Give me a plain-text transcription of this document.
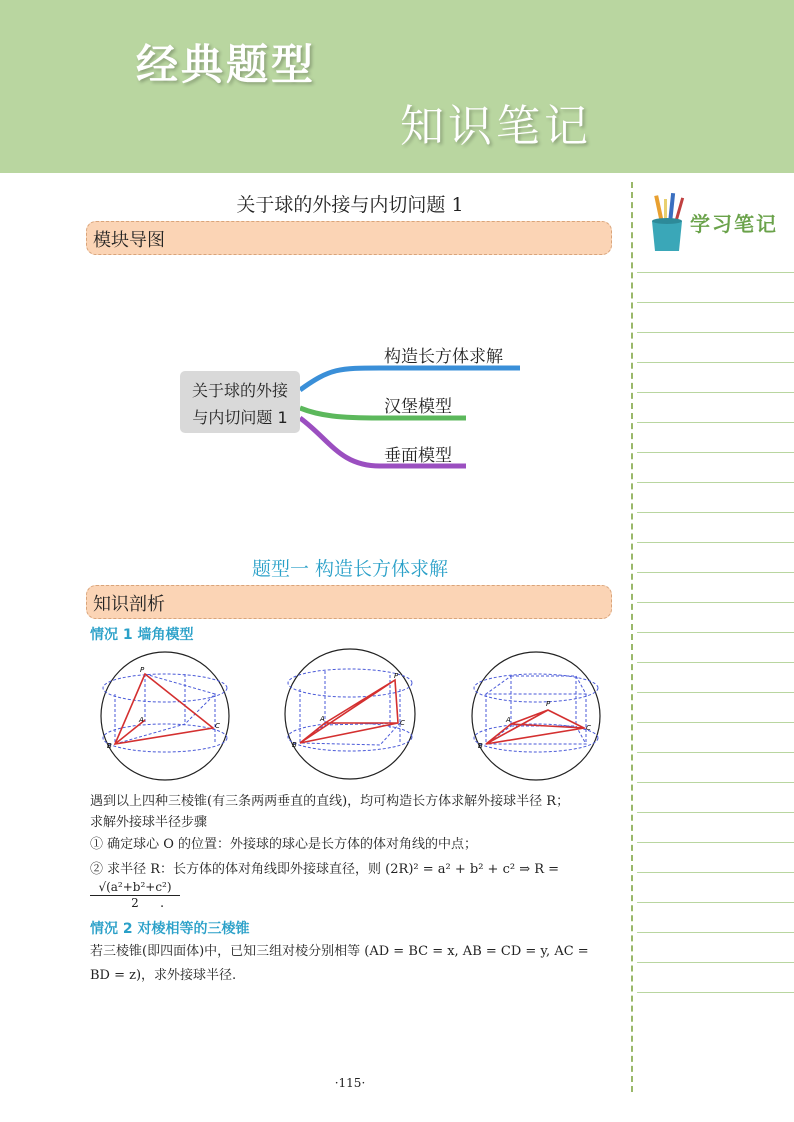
经典题型
知识笔记
学习笔记
关于球的外接与内切问题 1
模块导图
关于球的外接
与内切问题 1
构造长方体求解
汉堡模型
垂面模型
题型一 构造长方体求解
知识剖析
情况 1 墙角模型
P
A
B
C
P
A
B
C
P
A
B
C
遇到以上四种三棱锥(有三条两两垂直的直线)，均可构造长方体求解外接球半径 R；
求解外接球半径步骤
① 确定球心 O 的位置：外接球的球心是长方体的体对角线的中点；
② 求半径 R：长方体的体对角线即外接球直径，则 (2R)² = a² + b² + c² ⇒ R =
$\frac{\text{√(a²+b²+c²)}}{2}$
.
情况 2 对棱相等的三棱锥
若三棱锥(即四面体)中，已知三组对棱分别相等 (AD = BC = x, AB = CD = y, AC =
BD = z)，求外接球半径.
·115·
